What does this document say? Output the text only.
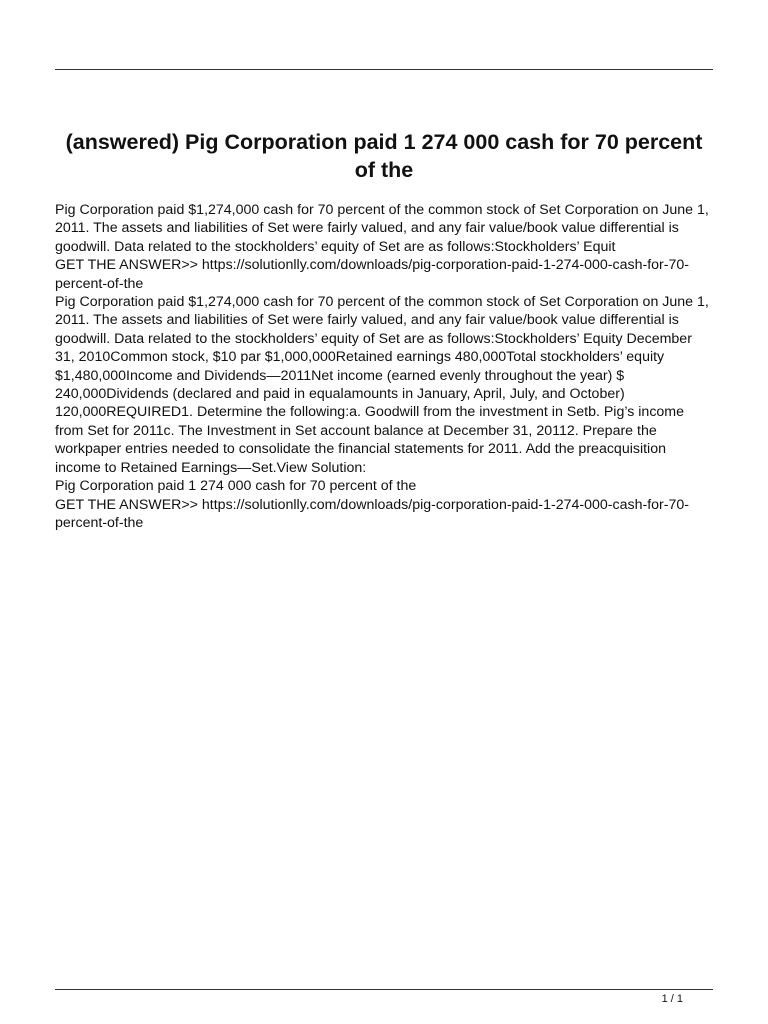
(answered) Pig Corporation paid 1 274 000 cash for 70 percent of the

Pig Corporation paid $1,274,000 cash for 70 percent of the common stock of Set Corporation on June 1, 2011. The assets and liabilities of Set were fairly valued, and any fair value/book value differential is goodwill. Data related to the stockholders’ equity of Set are as follows:Stockholders’ Equit

GET THE ANSWER>> https://solutionlly.com/downloads/pig-corporation-paid-1-274-000-cash-for-70-percent-of-the

Pig Corporation paid $1,274,000 cash for 70 percent of the common stock of Set Corporation on June 1, 2011. The assets and liabilities of Set were fairly valued, and any fair value/book value differential is goodwill. Data related to the stockholders’ equity of Set are as follows:Stockholders’ Equity December 31, 2010Common stock, $10 par $1,000,000Retained earnings 480,000Total stockholders’ equity $1,480,000Income and Dividends—2011Net income (earned evenly throughout the year) $ 240,000Dividends (declared and paid in equalamounts in January, April, July, and October) 120,000REQUIRED1. Determine the following:a. Goodwill from the investment in Setb. Pig’s income from Set for 2011c. The Investment in Set account balance at December 31, 20112. Prepare the workpaper entries needed to consolidate the financial statements for 2011. Add the preacquisition income to Retained Earnings—Set.View Solution:

Pig Corporation paid 1 274 000 cash for 70 percent of the

GET THE ANSWER>> https://solutionlly.com/downloads/pig-corporation-paid-1-274-000-cash-for-70-percent-of-the

1 / 1
